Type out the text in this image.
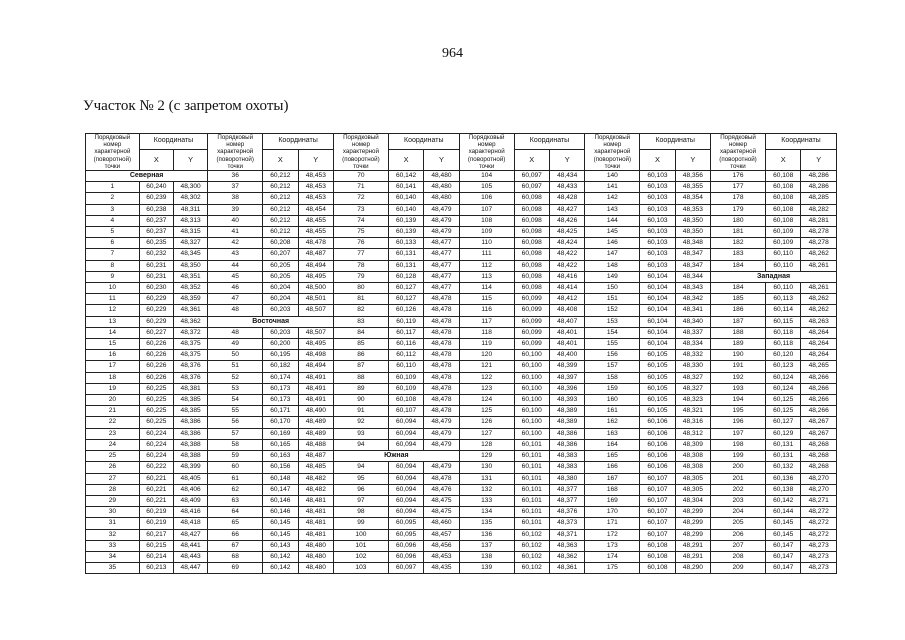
964
Участок № 2 (с запретом охоты)
Порядковый номер характерной (поворотной) точки	Координаты		Порядковый номер характерной (поворотной) точки	Координаты		Порядковый номер характерной (поворотной) точки	Координаты		Порядковый номер характерной (поворотной) точки	Координаты		Порядковый номер характерной (поворотной) точки	Координаты		Порядковый номер характерной (поворотной) точки	Координаты	
	X	Y		X	Y		X	Y		X	Y		X	Y		X	Y
Северная			36	60,212	48,453	70	60,142	48,480	104	60,097	48,434	140	60,103	48,356	176	60,108	48,286
1	60,240	48,300	37	60,212	48,453	71	60,141	48,480	105	60,097	48,433	141	60,103	48,355	177	60,108	48,286
2	60,239	48,302	38	60,212	48,453	72	60,140	48,480	106	60,098	48,428	142	60,103	48,354	178	60,108	48,285
3	60,238	48,311	39	60,212	48,454	73	60,140	48,479	107	60,098	48,427	143	60,103	48,353	179	60,108	48,282
4	60,237	48,313	40	60,212	48,455	74	60,139	48,479	108	60,098	48,426	144	60,103	48,350	180	60,108	48,281
5	60,237	48,315	41	60,212	48,455	75	60,139	48,479	109	60,098	48,425	145	60,103	48,350	181	60,109	48,278
6	60,235	48,327	42	60,208	48,478	76	60,133	48,477	110	60,098	48,424	146	60,103	48,348	182	60,109	48,278
7	60,232	48,345	43	60,207	48,487	77	60,131	48,477	111	60,098	48,422	147	60,103	48,347	183	60,110	48,262
8	60,231	48,350	44	60,205	48,494	78	60,131	48,477	112	60,098	48,422	148	60,103	48,347	184	60,110	48,261
9	60,231	48,351	45	60,205	48,495	79	60,128	48,477	113	60,098	48,416	149	60,104	48,344	Западная		
10	60,230	48,352	46	60,204	48,500	80	60,127	48,477	114	60,098	48,414	150	60,104	48,343	184	60,110	48,261
11	60,229	48,359	47	60,204	48,501	81	60,127	48,478	115	60,099	48,412	151	60,104	48,342	185	60,113	48,262
12	60,229	48,361	48	60,203	48,507	82	60,126	48,478	116	60,099	48,408	152	60,104	48,341	186	60,114	48,262
13	60,229	48,362	Восточная			83	60,119	48,478	117	60,099	48,407	153	60,104	48,340	187	60,115	48,263
14	60,227	48,372	48	60,203	48,507	84	60,117	48,478	118	60,099	48,401	154	60,104	48,337	188	60,118	48,264
15	60,226	48,375	49	60,200	48,495	85	60,116	48,478	119	60,099	48,401	155	60,104	48,334	189	60,118	48,264
16	60,226	48,375	50	60,195	48,498	86	60,112	48,478	120	60,100	48,400	156	60,105	48,332	190	60,120	48,264
17	60,226	48,376	51	60,182	48,494	87	60,110	48,478	121	60,100	48,399	157	60,105	48,330	191	60,123	48,265
18	60,226	48,376	52	60,174	48,491	88	60,109	48,478	122	60,100	48,397	158	60,105	48,327	192	60,124	48,266
19	60,225	48,381	53	60,173	48,491	89	60,109	48,478	123	60,100	48,396	159	60,105	48,327	193	60,124	48,266
20	60,225	48,385	54	60,173	48,491	90	60,108	48,478	124	60,100	48,393	160	60,105	48,323	194	60,125	48,266
21	60,225	48,385	55	60,171	48,490	91	60,107	48,478	125	60,100	48,389	161	60,105	48,321	195	60,125	48,266
22	60,225	48,386	56	60,170	48,489	92	60,094	48,479	126	60,100	48,389	162	60,106	48,316	196	60,127	48,267
23	60,224	48,386	57	60,169	48,489	93	60,094	48,479	127	60,100	48,386	163	60,106	48,312	197	60,129	48,267
24	60,224	48,388	58	60,165	48,488	94	60,094	48,479	128	60,101	48,386	164	60,106	48,309	198	60,131	48,268
25	60,224	48,388	59	60,163	48,487	Южная			129	60,101	48,383	165	60,106	48,308	199	60,131	48,268
26	60,222	48,399	60	60,156	48,485	94	60,094	48,479	130	60,101	48,383	166	60,106	48,308	200	60,132	48,268
27	60,221	48,405	61	60,148	48,482	95	60,094	48,478	131	60,101	48,380	167	60,107	48,305	201	60,136	48,270
28	60,221	48,406	62	60,147	48,482	96	60,094	48,476	132	60,101	48,377	168	60,107	48,305	202	60,138	48,270
29	60,221	48,409	63	60,146	48,481	97	60,094	48,475	133	60,101	48,377	169	60,107	48,304	203	60,142	48,271
30	60,219	48,416	64	60,146	48,481	98	60,094	48,475	134	60,101	48,376	170	60,107	48,299	204	60,144	48,272
31	60,219	48,418	65	60,145	48,481	99	60,095	48,460	135	60,101	48,373	171	60,107	48,299	205	60,145	48,272
32	60,217	48,427	66	60,145	48,481	100	60,095	48,457	136	60,102	48,371	172	60,107	48,299	206	60,145	48,272
33	60,215	48,441	67	60,143	48,480	101	60,096	48,456	137	60,102	48,363	173	60,108	48,291	207	60,147	48,273
34	60,214	48,443	68	60,142	48,480	102	60,096	48,453	138	60,102	48,362	174	60,108	48,291	208	60,147	48,273
35	60,213	48,447	69	60,142	48,480	103	60,097	48,435	139	60,102	48,361	175	60,108	48,290	209	60,147	48,273
